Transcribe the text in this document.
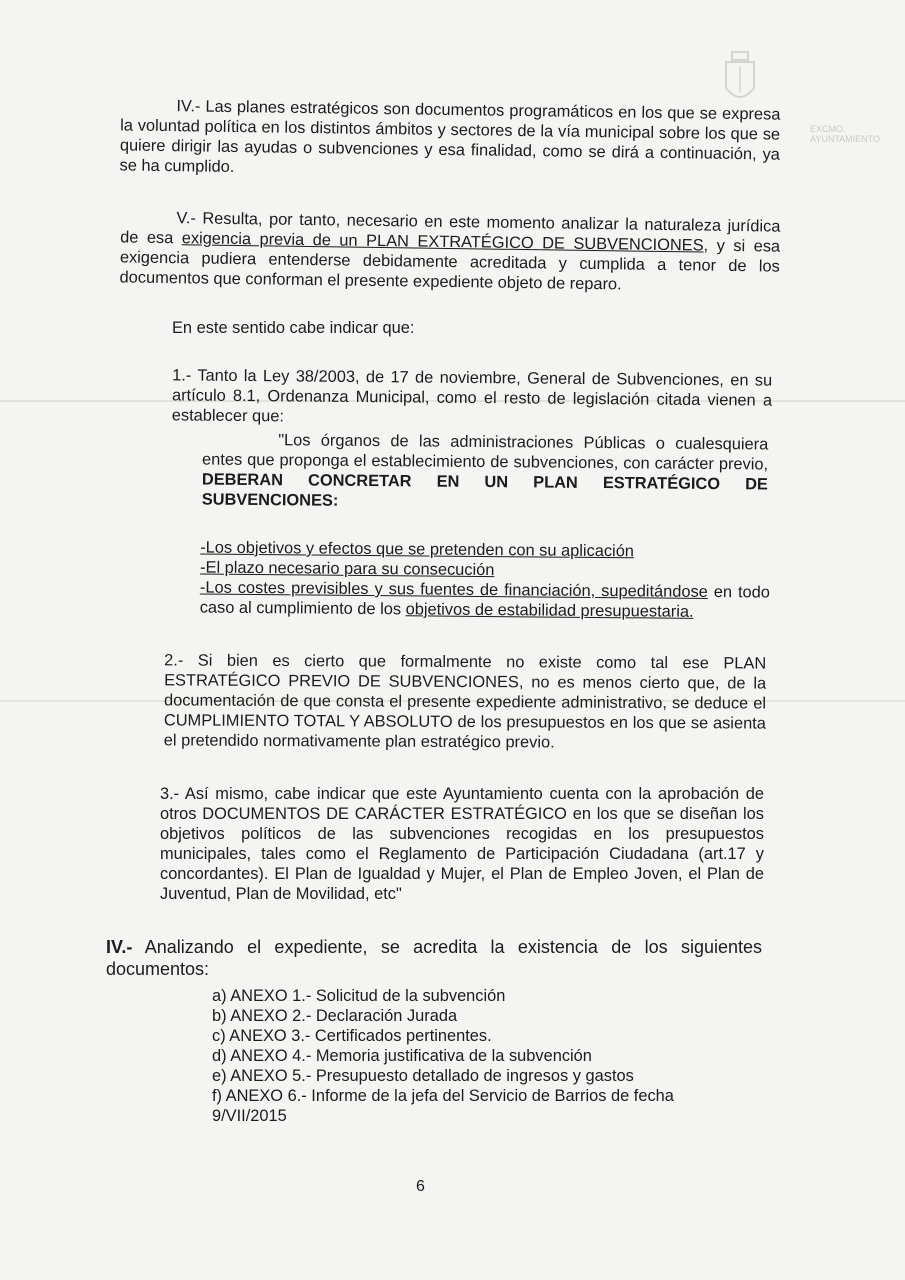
EXCMO. AYUNTAMIENTO

IV.- Las planes estratégicos son documentos programáticos en los que se expresa la voluntad política en los distintos ámbitos y sectores de la vía municipal sobre los que se quiere dirigir las ayudas o subvenciones y esa finalidad, como se dirá a continuación, ya se ha cumplido.

V.- Resulta, por tanto, necesario en este momento analizar la naturaleza jurídica de esa exigencia previa de un PLAN EXTRATÉGICO DE SUBVENCIONES, y si esa exigencia pudiera entenderse debidamente acreditada y cumplida a tenor de los documentos que conforman el presente expediente objeto de reparo.

En este sentido cabe indicar que:

1.- Tanto la Ley 38/2003, de 17 de noviembre, General de Subvenciones, en su artículo 8.1, Ordenanza Municipal, como el resto de legislación citada vienen a establecer que:

"Los órganos de las administraciones Públicas o cualesquiera entes que proponga el establecimiento de subvenciones, con carácter previo, DEBERAN CONCRETAR EN UN PLAN ESTRATÉGICO DE SUBVENCIONES:

-Los objetivos y efectos que se pretenden con su aplicación
-El plazo necesario para su consecución
-Los costes previsibles y sus fuentes de financiación, supeditándose en todo caso al cumplimiento de los objetivos de estabilidad presupuestaria.

2.- Si bien es cierto que formalmente no existe como tal ese PLAN ESTRATÉGICO PREVIO DE SUBVENCIONES, no es menos cierto que, de la documentación de que consta el presente expediente administrativo, se deduce el CUMPLIMIENTO TOTAL Y ABSOLUTO de los presupuestos en los que se asienta el pretendido normativamente plan estratégico previo.

3.- Así mismo, cabe indicar que este Ayuntamiento cuenta con la aprobación de otros DOCUMENTOS DE CARÁCTER ESTRATÉGICO en los que se diseñan los objetivos políticos de las subvenciones recogidas en los presupuestos municipales, tales como el Reglamento de Participación Ciudadana (art.17 y concordantes). El Plan de Igualdad y Mujer, el Plan de Empleo Joven, el Plan de Juventud, Plan de Movilidad, etc"

IV.- Analizando el expediente, se acredita la existencia de los siguientes documentos:

a) ANEXO 1.- Solicitud de la subvención
b) ANEXO 2.- Declaración Jurada
c) ANEXO 3.- Certificados pertinentes.
d) ANEXO 4.- Memoria justificativa de la subvención
e) ANEXO 5.- Presupuesto detallado de ingresos y gastos
f) ANEXO 6.- Informe de la jefa del Servicio de Barrios de fecha 9/VII/2015
6
